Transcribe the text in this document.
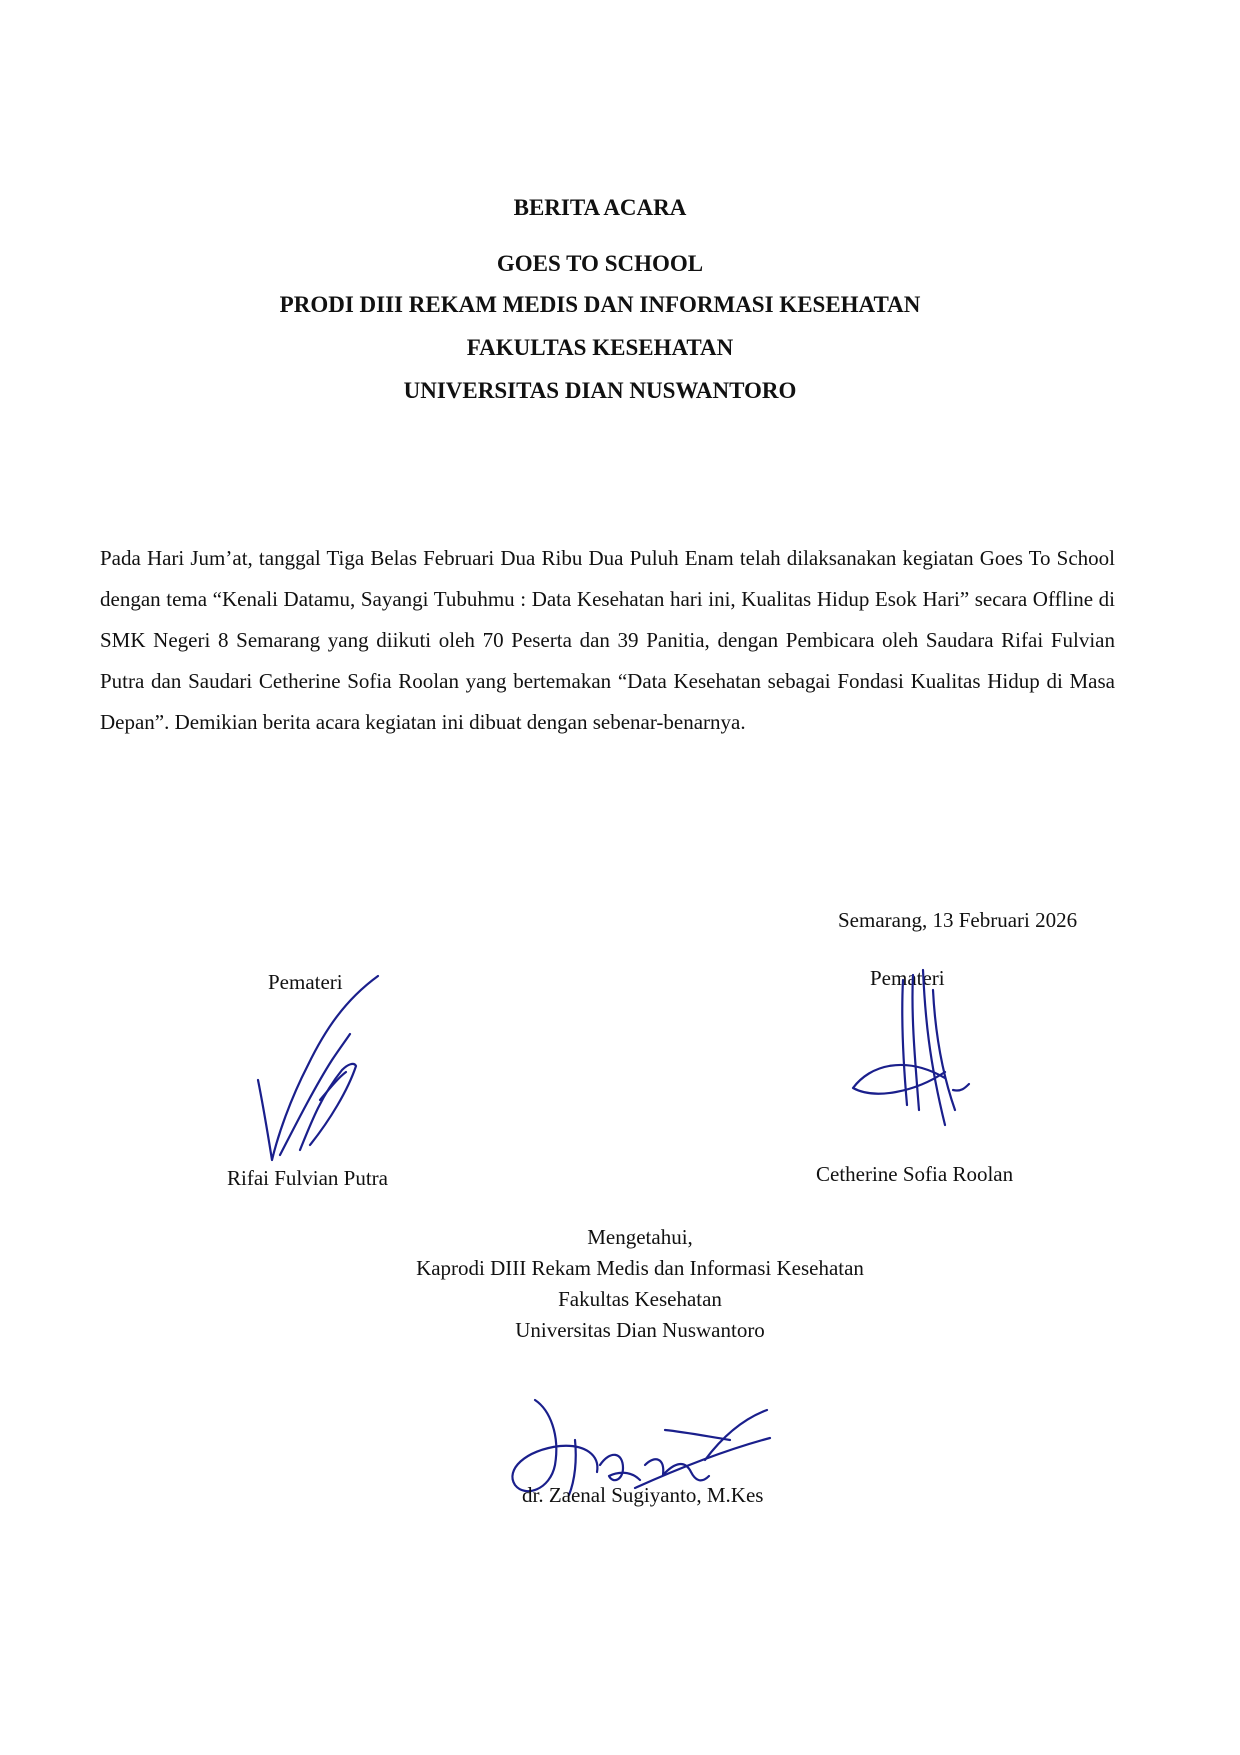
BERITA ACARA
GOES TO SCHOOL
PRODI DIII REKAM MEDIS DAN INFORMASI KESEHATAN
FAKULTAS KESEHATAN
UNIVERSITAS DIAN NUSWANTORO
Pada Hari Jum’at, tanggal Tiga Belas Februari Dua Ribu Dua Puluh Enam telah dilaksanakan kegiatan Goes To School dengan tema “Kenali Datamu, Sayangi Tubuhmu : Data Kesehatan hari ini, Kualitas Hidup Esok Hari” secara Offline di SMK Negeri 8 Semarang yang diikuti oleh 70 Peserta dan 39 Panitia, dengan Pembicara oleh Saudara Rifai Fulvian Putra dan Saudari Cetherine Sofia Roolan yang bertemakan “Data Kesehatan sebagai Fondasi Kualitas Hidup di Masa Depan”. Demikian berita acara kegiatan ini dibuat dengan sebenar-benarnya.
Semarang, 13 Februari 2026
Pemateri
Rifai Fulvian Putra
Pemateri
Cetherine Sofia Roolan
Mengetahui,
Kaprodi DIII Rekam Medis dan Informasi Kesehatan
Fakultas Kesehatan
Universitas Dian Nuswantoro
dr. Zaenal Sugiyanto, M.Kes
